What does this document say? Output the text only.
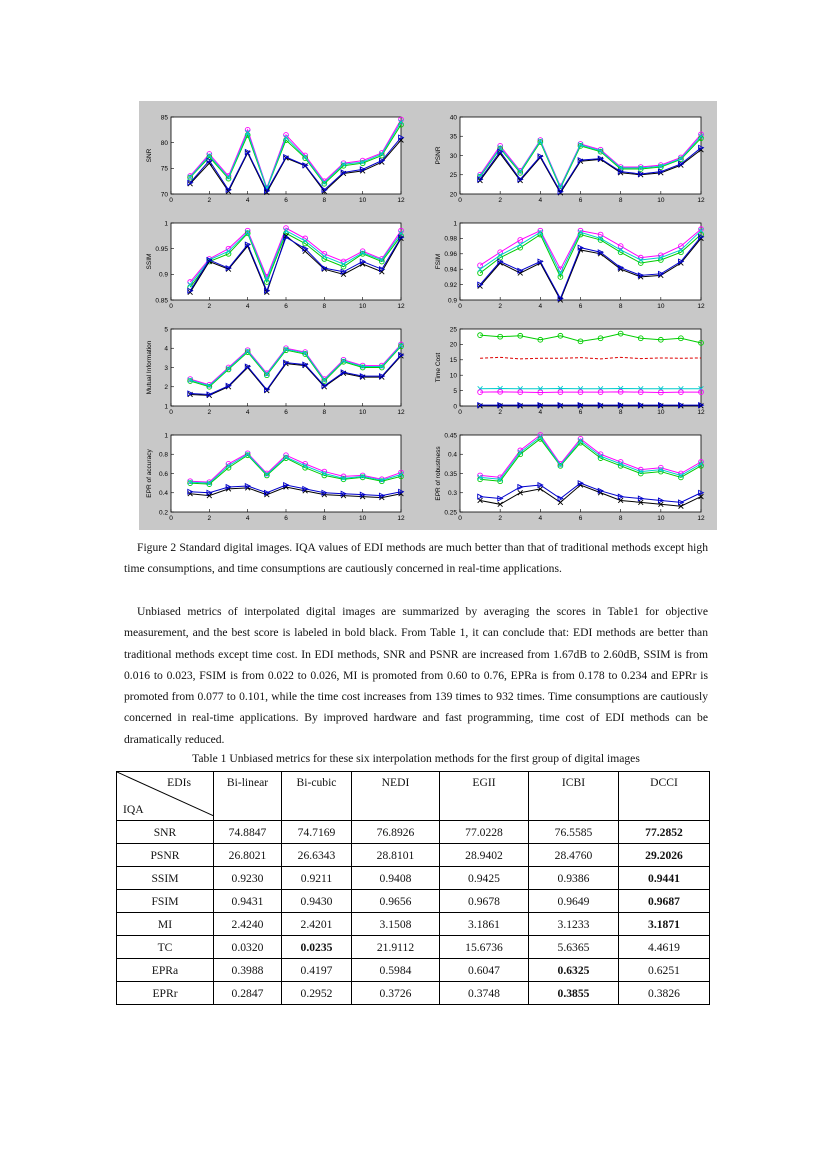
85
80
75
70
0	2	4	6	8	10	12
SNR
40
35
30
25
20
0	2	4	6	8	10	12
PSNR
1
0.95
0.9
0.85
0	2	4	6	8	10	12
SSIM
1
0.98
0.96
0.94
0.92
0.9
0	2	4	6	8	10	12
FSIM
5
4
3
2
1
0	2	4	6	8	10	12
Mutual Information
25
20
15
10
5
0
0	2	4	6	8	10	12
Time Cost
1
0.8
0.6
0.4
0.2
0	2	4	6	8	10	12
EPR of accuracy
0.45
0.4
0.35
0.3
0.25
0	2	4	6	8	10	12
EPR of robustness

Figure 2 Standard digital images. IQA values of EDI methods are much better than that of traditional methods except high time consumptions, and time consumptions are cautiously concerned in real-time applications.

Unbiased metrics of interpolated digital images are summarized by averaging the scores in Table1 for objective measurement, and the best score is labeled in bold black. From Table 1, it can conclude that: EDI methods are better than traditional methods except time cost. In EDI methods, SNR and PSNR are increased from 1.67dB to 2.60dB, SSIM is from 0.016 to 0.023, FSIM is from 0.022 to 0.026, MI is promoted from 0.60 to 0.76, EPRa is from 0.178 to 0.234 and EPRr is promoted from 0.077 to 0.101, while the time cost increases from 139 times to 932 times. Time consumptions are cautiously concerned in real-time applications. By improved hardware and fast programming, time cost of EDI methods can be dramatically reduced.

Table 1 Unbiased metrics for these six interpolation methods for the first group of digital images

EDIs
IQA	Bi-linear	Bi-cubic	NEDI	EGII	ICBI	DCCI
SNR	74.8847	74.7169	76.8926	77.0228	76.5585	77.2852
PSNR	26.8021	26.6343	28.8101	28.9402	28.4760	29.2026
SSIM	0.9230	0.9211	0.9408	0.9425	0.9386	0.9441
FSIM	0.9431	0.9430	0.9656	0.9678	0.9649	0.9687
MI	2.4240	2.4201	3.1508	3.1861	3.1233	3.1871
TC	0.0320	0.0235	21.9112	15.6736	5.6365	4.4619
EPRa	0.3988	0.4197	0.5984	0.6047	0.6325	0.6251
EPRr	0.2847	0.2952	0.3726	0.3748	0.3855	0.3826
